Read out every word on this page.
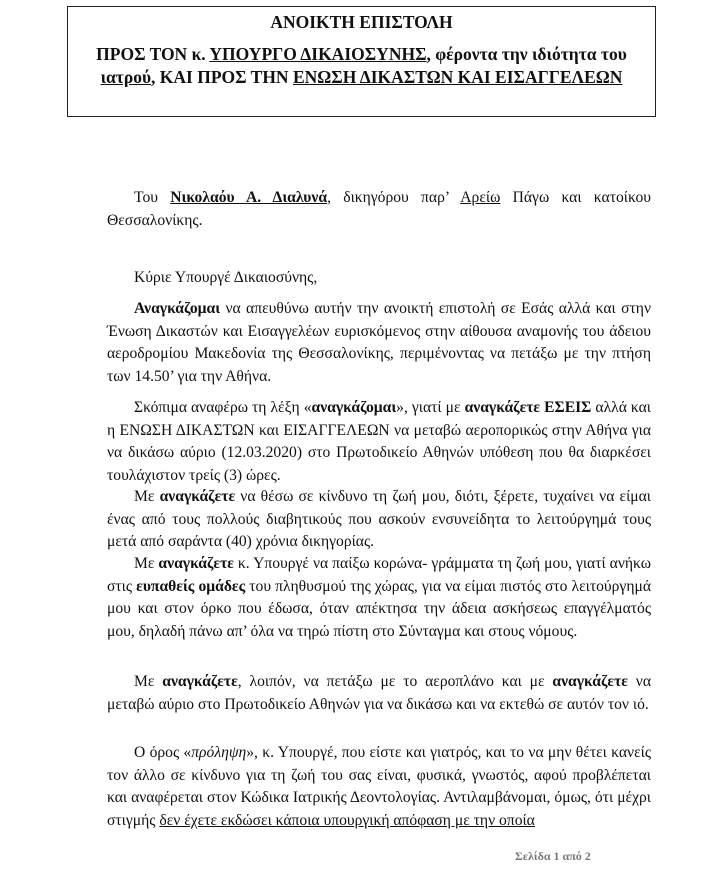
ΑΝΟΙΚΤΗ ΕΠΙΣΤΟΛΗ
ΠΡΟΣ ΤΟΝ κ. ΥΠΟΥΡΓΟ ΔΙΚΑΙΟΣΥΝΗΣ, φέροντα την ιδιότητα του ιατρού, ΚΑΙ ΠΡΟΣ ΤΗΝ ΕΝΩΣΗ ΔΙΚΑΣΤΩΝ ΚΑΙ ΕΙΣΑΓΓΕΛΕΩΝ
Του Νικολαόυ Α. Διαλυνά, δικηγόρου παρ’ Αρείω Πάγω και κατοίκου Θεσσαλονίκης.
Κύριε Υπουργέ Δικαιοσύνης,
Αναγκάζομαι να απευθύνω αυτήν την ανοικτή επιστολή σε Εσάς αλλά και στην Ένωση Δικαστών και Εισαγγελέων ευρισκόμενος στην αίθουσα αναμονής του άδειου αεροδρομίου Μακεδονία της Θεσσαλονίκης, περιμένοντας να πετάξω με την πτήση των 14.50’ για την Αθήνα.
Σκόπιμα αναφέρω τη λέξη «αναγκάζομαι», γιατί με αναγκάζετε ΕΣΕΙΣ αλλά και η ΕΝΩΣΗ ΔΙΚΑΣΤΩΝ και ΕΙΣΑΓΓΕΛΕΩΝ να μεταβώ αεροπορικώς στην Αθήνα για να δικάσω αύριο (12.03.2020) στο Πρωτοδικείο Αθηνών υπόθεση που θα διαρκέσει τουλάχιστον τρείς (3) ώρες.
Με αναγκάζετε να θέσω σε κίνδυνο τη ζωή μου, διότι, ξέρετε, τυχαίνει να είμαι ένας από τους πολλούς διαβητικούς που ασκούν ενσυνείδητα το λειτούργημά τους μετά από σαράντα (40) χρόνια δικηγορίας.
Με αναγκάζετε κ. Υπουργέ να παίξω κορώνα- γράμματα τη ζωή μου, γιατί ανήκω στις ευπαθείς ομάδες του πληθυσμού της χώρας, για να είμαι πιστός στο λειτούργημά μου και στον όρκο που έδωσα, όταν απέκτησα την άδεια ασκήσεως επαγγέλματός μου, δηλαδή πάνω απ’ όλα να τηρώ πίστη στο Σύνταγμα και στους νόμους.
Με αναγκάζετε, λοιπόν, να πετάξω με το αεροπλάνο και με αναγκάζετε να μεταβώ αύριο στο Πρωτοδικείο Αθηνών για να δικάσω και να εκτεθώ σε αυτόν τον ιό.
Ο όρος «πρόληψη», κ. Υπουργέ, που είστε και γιατρός, και το να μην θέτει κανείς τον άλλο σε κίνδυνο για τη ζωή του σας είναι, φυσικά, γνωστός, αφού προβλέπεται και αναφέρεται στον Κώδικα Ιατρικής Δεοντολογίας. Αντιλαμβάνομαι, όμως, ότι μέχρι στιγμής δεν έχετε εκδώσει κάποια υπουργική απόφαση με την οποία
Σελίδα 1 από 2
